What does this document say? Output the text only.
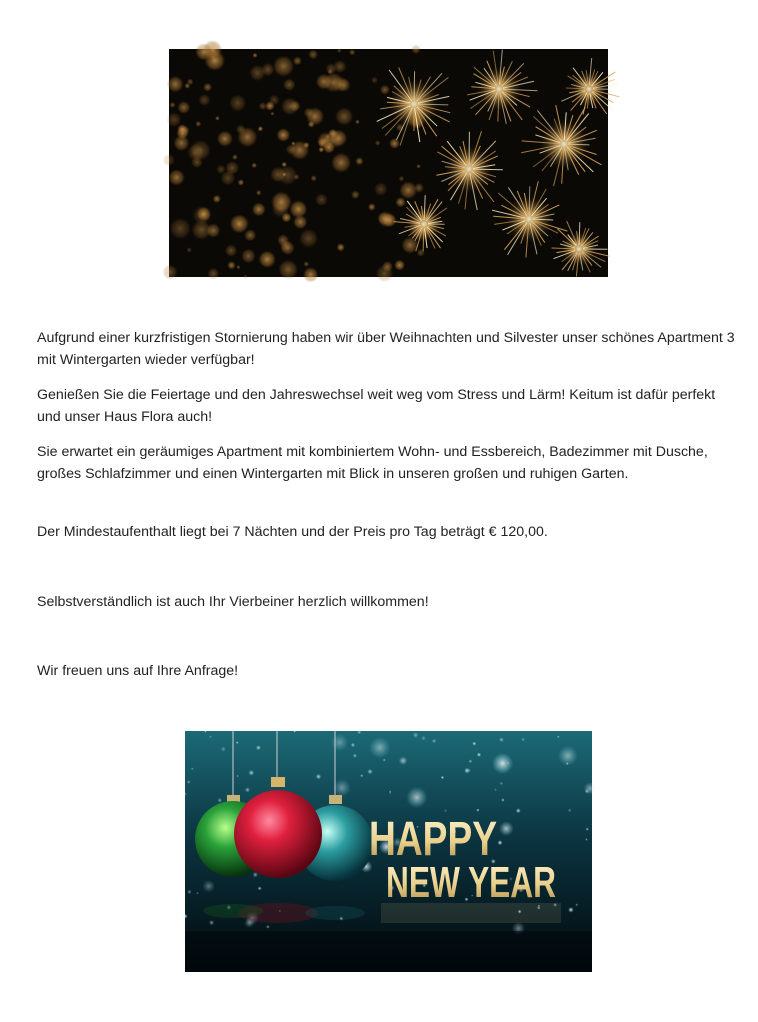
Aufgrund einer kurzfristigen Stornierung haben wir über Weihnachten und Silvester unser schönes Apartment 3 mit Wintergarten wieder verfügbar!

Genießen Sie die Feiertage und den Jahreswechsel weit weg vom Stress und Lärm! Keitum ist dafür perfekt und unser Haus Flora auch!

Sie erwartet ein geräumiges Apartment mit kombiniertem Wohn- und Essbereich, Badezimmer mit Dusche, großes Schlafzimmer und einen Wintergarten mit Blick in unseren großen und ruhigen Garten.

Der Mindestaufenthalt liegt bei 7 Nächten und der Preis pro Tag beträgt € 120,00.

Selbstverständlich ist auch Ihr Vierbeiner herzlich willkommen!

Wir freuen uns auf Ihre Anfrage!

HAPPY
NEW YEAR
